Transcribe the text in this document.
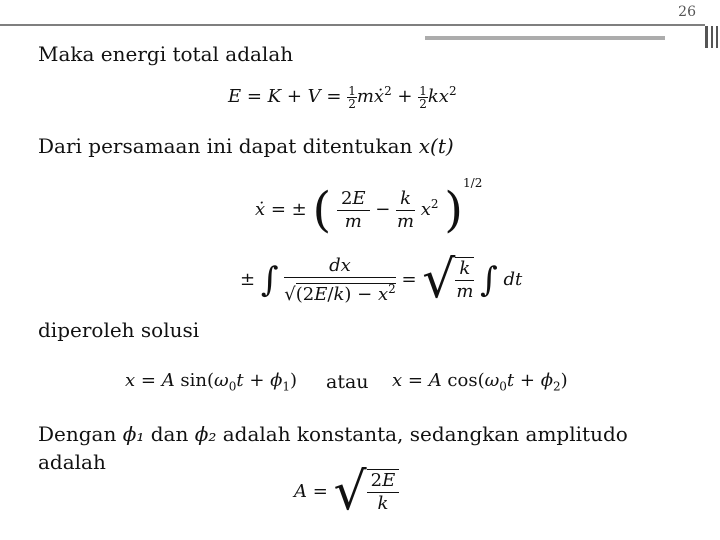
26
Maka energi total adalah
$E = K + V = \frac{1}{2}$ mẋ$^2$ + $\frac{1}{2} kx^2$
Dari persamaan ini dapat ditentukan x(t)
ẋ = ± ( $\frac{2E}{m} - \frac{k}{m} x^2$ )$^{1/2}$
± ∫ $\frac{dx}{√(2E/k) - x^2}$ = √ $\frac{k}{m}$ ∫ dt
diperoleh solusi
x = A $\sin(\omega_0t + \phi_1)$ atau x = A $\cos(\omega_0t + \phi_2)$
Dengan ϕ₁ dan ϕ₂ adalah konstanta, sedangkan amplitudo
adalah
A = √ $\frac{2E}{k}$
